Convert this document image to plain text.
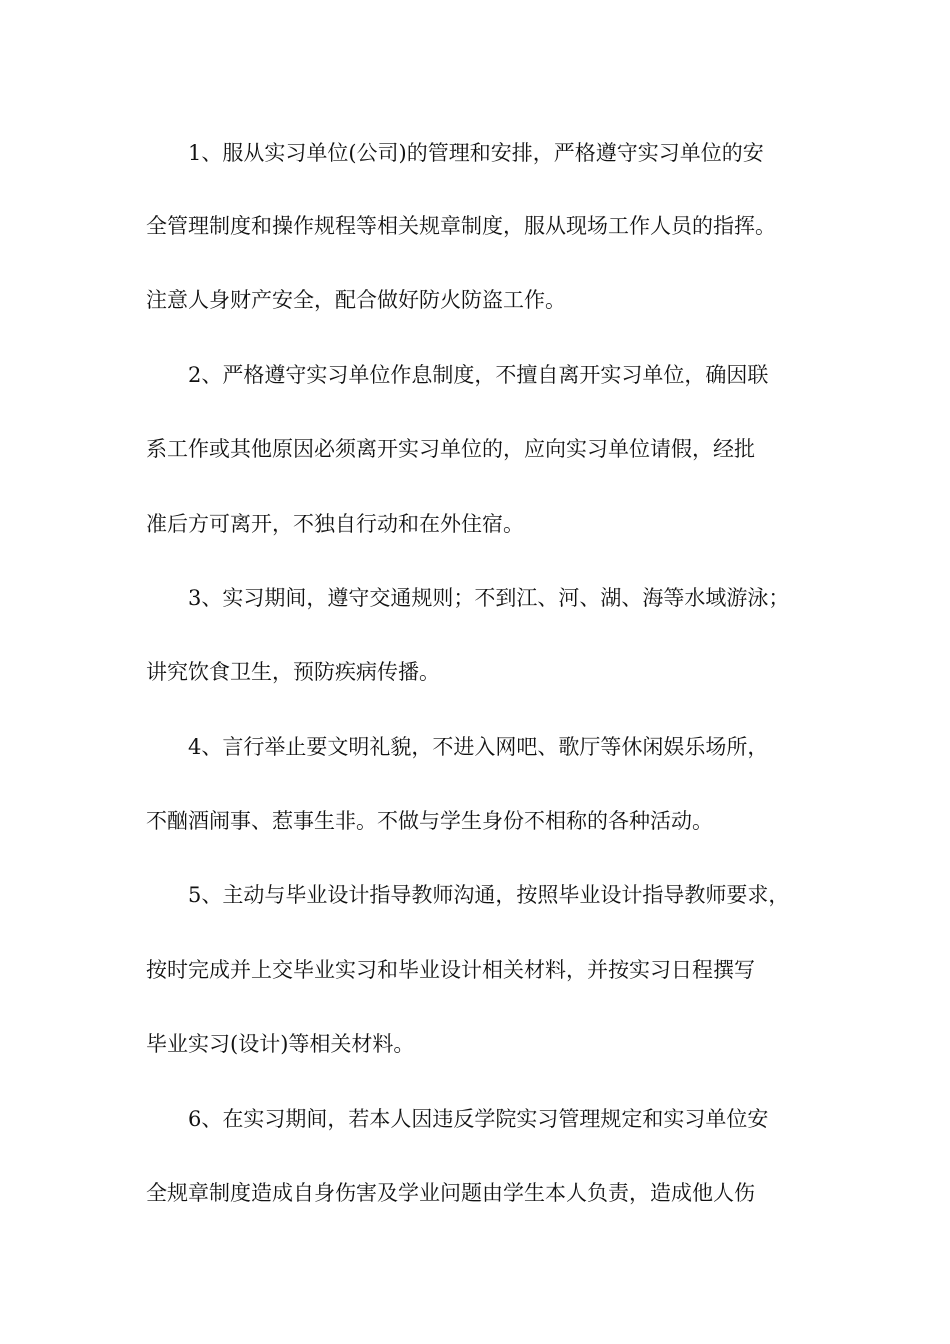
1、服从实习单位(公司)的管理和安排，严格遵守实习单位的安
全管理制度和操作规程等相关规章制度，服从现场工作人员的指挥。
注意人身财产安全，配合做好防火防盗工作。
2、严格遵守实习单位作息制度，不擅自离开实习单位，确因联
系工作或其他原因必须离开实习单位的，应向实习单位请假，经批
准后方可离开，不独自行动和在外住宿。
3、实习期间，遵守交通规则；不到江、河、湖、海等水域游泳；
讲究饮食卫生，预防疾病传播。
4、言行举止要文明礼貌，不进入网吧、歌厅等休闲娱乐场所，
不酗酒闹事、惹事生非。不做与学生身份不相称的各种活动。
5、主动与毕业设计指导教师沟通，按照毕业设计指导教师要求，
按时完成并上交毕业实习和毕业设计相关材料，并按实习日程撰写
毕业实习(设计)等相关材料。
6、在实习期间，若本人因违反学院实习管理规定和实习单位安
全规章制度造成自身伤害及学业问题由学生本人负责，造成他人伤
